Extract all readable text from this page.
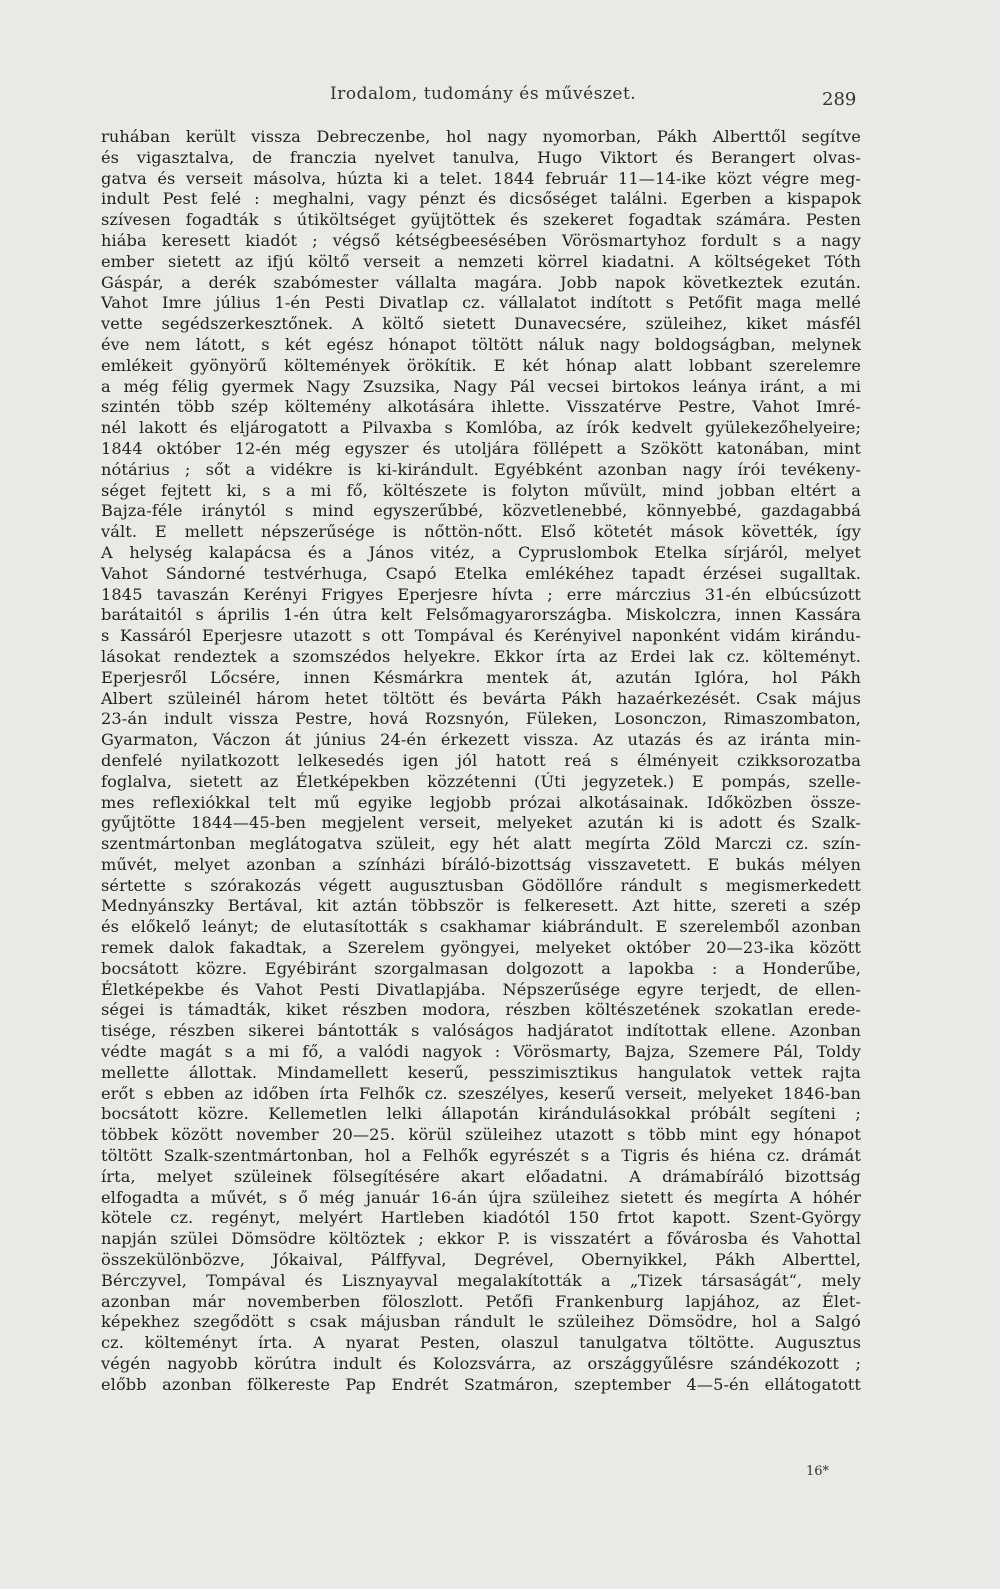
Irodalom, tudomány és művészet.	289
ruhában került vissza Debreczenbe, hol nagy nyomorban, Pákh Alberttől segítve
és vigasztalva, de franczia nyelvet tanulva, Hugo Viktort és Berangert olvas-
gatva és verseit másolva, húzta ki a telet. 1844 február 11—14-ike közt végre meg-
indult Pest felé : meghalni, vagy pénzt és dicsőséget találni. Egerben a kispapok
szívesen fogadták s útiköltséget gyüjtöttek és szekeret fogadtak számára. Pesten
hiába keresett kiadót ; végső kétségbeesésében Vörösmartyhoz fordult s a nagy
ember sietett az ifjú költő verseit a nemzeti körrel kiadatni. A költségeket Tóth
Gáspár, a derék szabómester vállalta magára. Jobb napok következtek ezután.
Vahot Imre július 1-én Pesti Divatlap cz. vállalatot indított s Petőfit maga mellé
vette segédszerkesztőnek. A költő sietett Dunavecsére, szüleihez, kiket másfél
éve nem látott, s két egész hónapot töltött náluk nagy boldogságban, melynek
emlékeit gyönyörű költemények örökítik. E két hónap alatt lobbant szerelemre
a még félig gyermek Nagy Zsuzsika, Nagy Pál vecsei birtokos leánya iránt, a mi
szintén több szép költemény alkotására ihlette. Visszatérve Pestre, Vahot Imré-
nél lakott és eljárogatott a Pilvaxba s Komlóba, az írók kedvelt gyülekezőhelyeire;
1844 október 12-én még egyszer és utoljára föllépett a Szökött katonában, mint
nótárius ; sőt a vidékre is ki-kirándult. Egyébként azonban nagy írói tevékeny-
séget fejtett ki, s a mi fő, költészete is folyton művült, mind jobban eltért a
Bajza-féle iránytól s mind egyszerűbbé, közvetlenebbé, könnyebbé, gazdagabbá
vált. E mellett népszerűsége is nőttön-nőtt. Első kötetét mások követték, így
A helység kalapácsa és a János vitéz, a Cypruslombok Etelka sírjáról, melyet
Vahot Sándorné testvérhuga, Csapó Etelka emlékéhez tapadt érzései sugalltak.
1845 tavaszán Kerényi Frigyes Eperjesre hívta ; erre márczius 31-én elbúcsúzott
barátaitól s április 1-én útra kelt Felsőmagyarországba. Miskolczra, innen Kassára
s Kassáról Eperjesre utazott s ott Tompával és Kerényivel naponként vidám kirándu-
lásokat rendeztek a szomszédos helyekre. Ekkor írta az Erdei lak cz. költeményt.
Eperjesről Lőcsére, innen Késmárkra mentek át, azután Iglóra, hol Pákh
Albert szüleinél három hetet töltött és bevárta Pákh hazaérkezését. Csak május
23-án indult vissza Pestre, hová Rozsnyón, Füleken, Losonczon, Rimaszombaton,
Gyarmaton, Váczon át június 24-én érkezett vissza. Az utazás és az iránta min-
denfelé nyilatkozott lelkesedés igen jól hatott reá s élményeit czikksorozatba
foglalva, sietett az Életképekben közzétenni (Úti jegyzetek.) E pompás, szelle-
mes reflexiókkal telt mű egyike legjobb prózai alkotásainak. Időközben össze-
gyűjtötte 1844—45-ben megjelent verseit, melyeket azután ki is adott és Szalk-
szentmártonban meglátogatva szüleit, egy hét alatt megírta Zöld Marczi cz. szín-
művét, melyet azonban a színházi bíráló-bizottság visszavetett. E bukás mélyen
sértette s szórakozás végett augusztusban Gödöllőre rándult s megismerkedett
Mednyánszky Bertával, kit aztán többször is felkeresett. Azt hitte, szereti a szép
és előkelő leányt; de elutasították s csakhamar kiábrándult. E szerelemből azonban
remek dalok fakadtak, a Szerelem gyöngyei, melyeket október 20—23-ika között
bocsátott közre. Egyébiránt szorgalmasan dolgozott a lapokba : a Honderűbe,
Életképekbe és Vahot Pesti Divatlapjába. Népszerűsége egyre terjedt, de ellen-
ségei is támadták, kiket részben modora, részben költészetének szokatlan erede-
tisége, részben sikerei bántották s valóságos hadjáratot indítottak ellene. Azonban
védte magát s a mi fő, a valódi nagyok : Vörösmarty, Bajza, Szemere Pál, Toldy
mellette állottak. Mindamellett keserű, pesszimisztikus hangulatok vettek rajta
erőt s ebben az időben írta Felhők cz. szeszélyes, keserű verseit, melyeket 1846-ban
bocsátott közre. Kellemetlen lelki állapotán kirándulásokkal próbált segíteni ;
többek között november 20—25. körül szüleihez utazott s több mint egy hónapot
töltött Szalk-szentmártonban, hol a Felhők egyrészét s a Tigris és hiéna cz. drámát
írta, melyet szüleinek fölsegítésére akart előadatni. A drámabíráló bizottság
elfogadta a művét, s ő még január 16-án újra szüleihez sietett és megírta A hóhér
kötele cz. regényt, melyért Hartleben kiadótól 150 frtot kapott. Szent-György
napján szülei Dömsödre költöztek ; ekkor P. is visszatért a fővárosba és Vahottal
összekülönbözve, Jókaival, Pálffyval, Degrével, Obernyikkel, Pákh Alberttel,
Bérczyvel, Tompával és Lisznyayval megalakították a „Tizek társaságát“, mely
azonban már novemberben föloszlott. Petőfi Frankenburg lapjához, az Élet-
képekhez szegődött s csak májusban rándult le szüleihez Dömsödre, hol a Salgó
cz. költeményt írta. A nyarat Pesten, olaszul tanulgatva töltötte. Augusztus
végén nagyobb körútra indult és Kolozsvárra, az országgyűlésre szándékozott ;
előbb azonban fölkereste Pap Endrét Szatmáron, szeptember 4—5-én ellátogatott
16*
